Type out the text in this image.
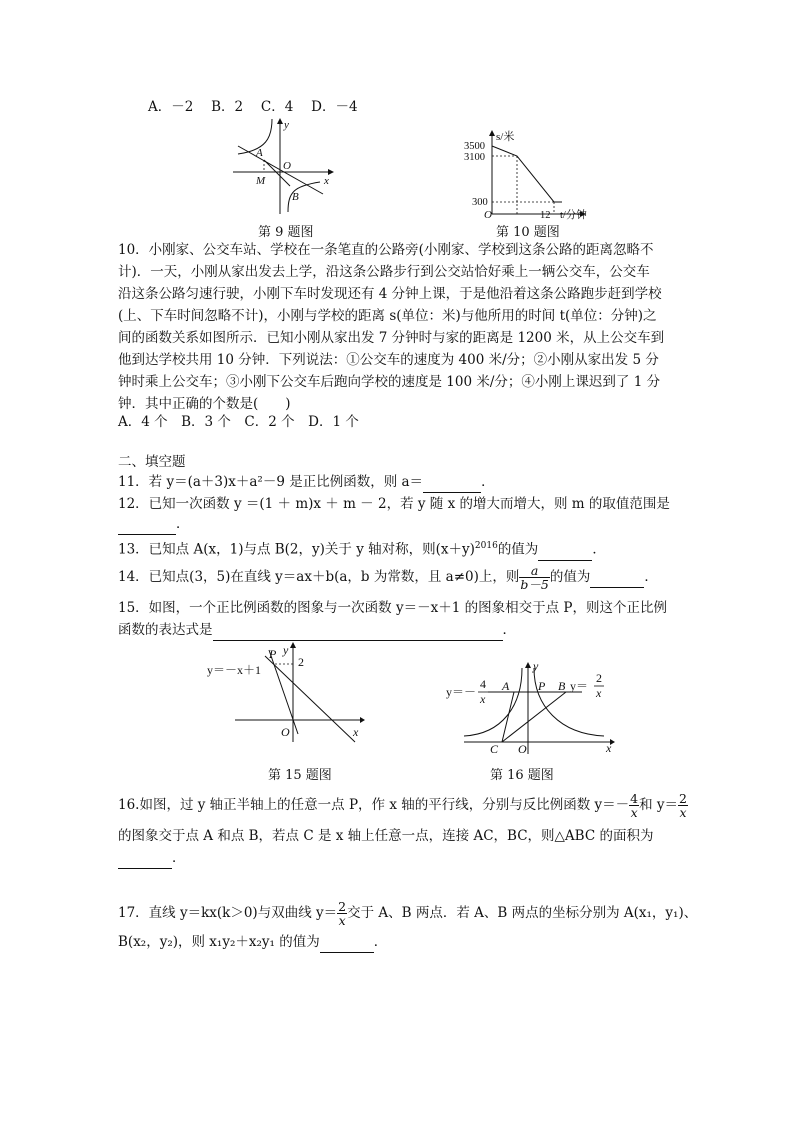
A．－2　 B．2　 C．4　 D．－4
y
x
O
A
B
M
s/米
3500
3100
300
O	12 t/分钟
第 9 题图	第 10 题图
10．小刚家、公交车站、学校在一条笔直的公路旁(小刚家、学校到这条公路的距离忽略不
计)．一天，小刚从家出发去上学，沿这条公路步行到公交站恰好乘上一辆公交车，公交车
沿这条公路匀速行驶，小刚下车时发现还有 4 分钟上课，于是他沿着这条公路跑步赶到学校
(上、下车时间忽略不计)，小刚与学校的距离 s(单位：米)与他所用的时间 t(单位：分钟)之
间的函数关系如图所示．已知小刚从家出发 7 分钟时与家的距离是 1200 米，从上公交车到
他到达学校共用 10 分钟．下列说法：①公交车的速度为 400 米/分；②小刚从家出发 5 分
钟时乘上公交车；③小刚下公交车后跑向学校的速度是 100 米/分；④小刚上课迟到了 1 分
钟．其中正确的个数是(　　)
A．4 个　B．3 个　C．2 个　D．1 个
二、填空题
11．若 y＝(a＋3)x＋a²－9 是正比例函数，则 a＝	．
12．已知一次函数 y ＝(1 ＋ m)x ＋ m － 2，若 y 随 x 的增大而增大，则 m 的取值范围是
．
13．已知点 A(x，1)与点 B(2，y)关于 y 轴对称，则$(x+y)^{2016}$的值为	．
14．已知点(3，5)在直线 y＝ax＋b(a，b 为常数，且 a≠0)上，则 $\frac{a}{b-5}$ 的值为	．
15．如图，一个正比例函数的图象与一次函数 y＝－x＋1 的图象相交于点 P，则这个正比例
函数的表达式是	．
y＝－x＋1
P y
2
O	x
y＝－
4
x
A P B y＝
2
x
C O	x
y
第 15 题图	第 16 题图
16.如图，过 y 轴正半轴上的任意一点 P，作 x 轴的平行线，分别与反比例函数 $y=- \frac{4}{x}$ 和 $y= \frac{2}{x}$
的图象交于点 A 和点 B，若点 C 是 x 轴上任意一点，连接 AC，BC，则△ABC 的面积为
．
17．直线 y＝kx(k＞0)与双曲线 $y= \frac{2}{x}$ 交于 A、B 两点．若 A、B 两点的坐标分别为 A(x₁，y₁)、
B(x₂，y₂)，则 x₁y₂＋x₂y₁ 的值为	．
